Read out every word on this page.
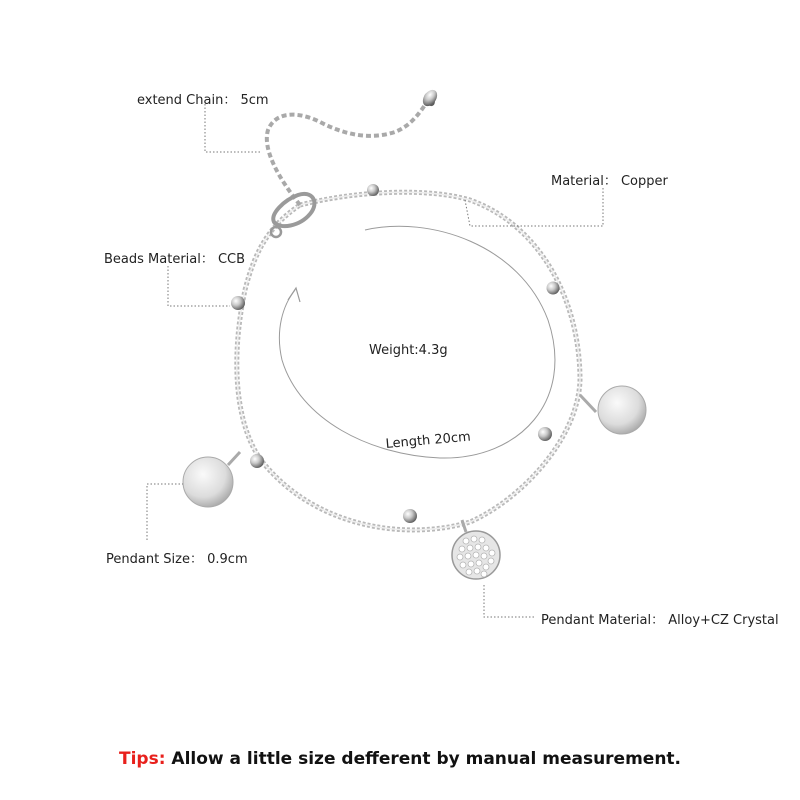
extend Chain： 5cm
Material： Copper
Beads Material： CCB
Weight:4.3g
Length 20cm
Pendant Size： 0.9cm
Pendant Material： Alloy+CZ Crystal
Tips: Allow a little size defferent by manual measurement.
